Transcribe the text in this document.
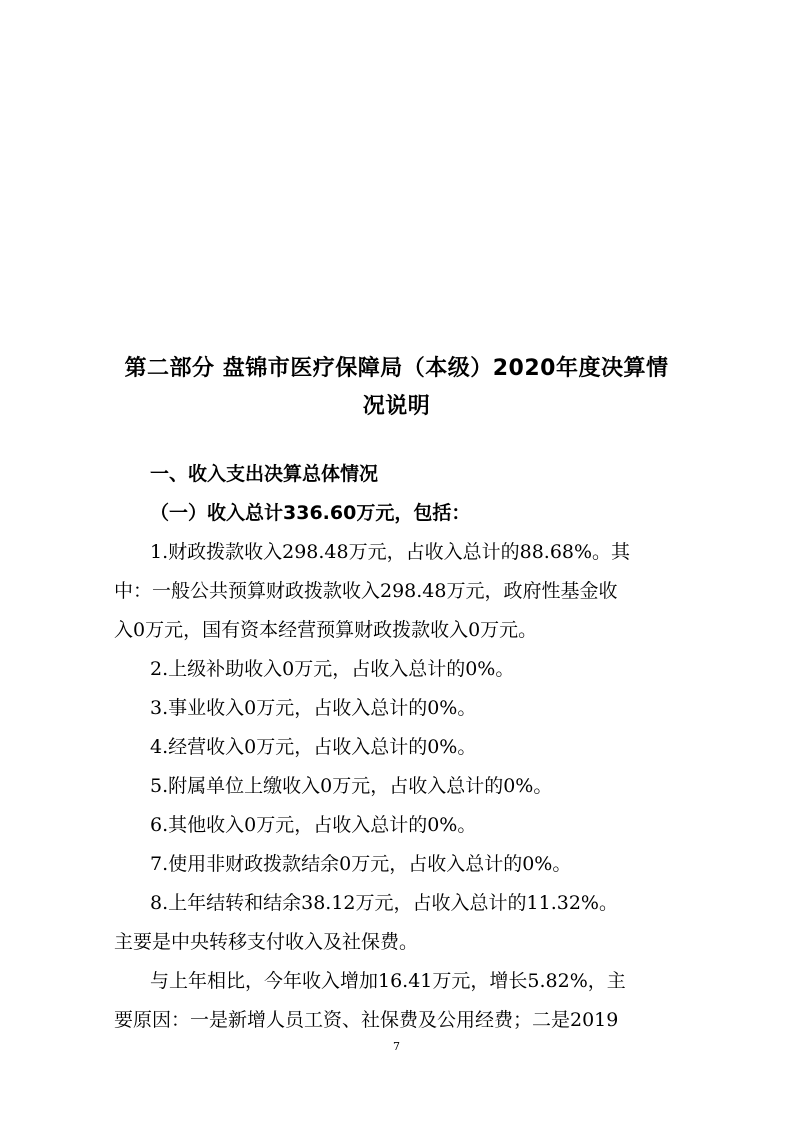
第二部分 盘锦市医疗保障局（本级）2020年度决算情
况说明
一、收入支出决算总体情况
（一）收入总计336.60万元，包括：
1.财政拨款收入298.48万元，占收入总计的88.68%。其
中：一般公共预算财政拨款收入298.48万元，政府性基金收
入0万元，国有资本经营预算财政拨款收入0万元。
2.上级补助收入0万元，占收入总计的0%。
3.事业收入0万元，占收入总计的0%。
4.经营收入0万元，占收入总计的0%。
5.附属单位上缴收入0万元，占收入总计的0%。
6.其他收入0万元，占收入总计的0%。
7.使用非财政拨款结余0万元，占收入总计的0%。
8.上年结转和结余38.12万元，占收入总计的11.32%。
主要是中央转移支付收入及社保费。
与上年相比，今年收入增加16.41万元，增长5.82%，主
要原因：一是新增人员工资、社保费及公用经费；二是2019
7
